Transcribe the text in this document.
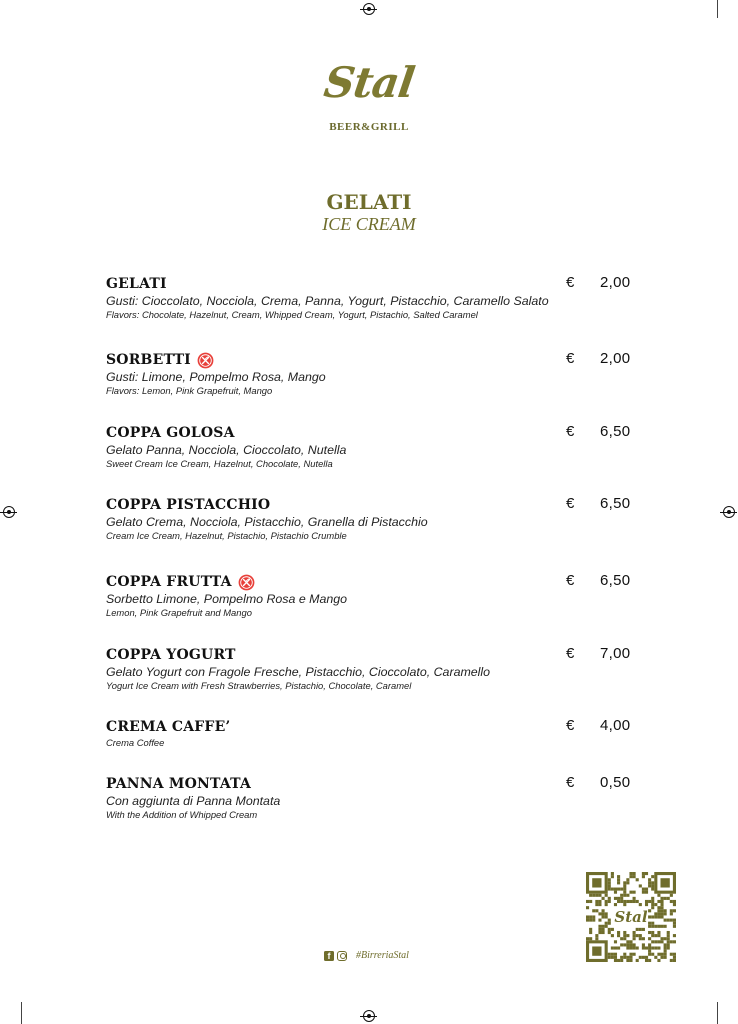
Stal
BEER&GRILL
GELATI
ICE CREAM
GELATI
Gusti: Cioccolato, Nocciola, Crema, Panna, Yogurt, Pistacchio, Caramello Salato
Flavors: Chocolate, Hazelnut, Cream, Whipped Cream, Yogurt, Pistachio, Salted Caramel
€ 2,00
SORBETTI
Gusti: Limone, Pompelmo Rosa, Mango
Flavors: Lemon, Pink Grapefruit, Mango
€ 2,00
COPPA GOLOSA
Gelato Panna, Nocciola, Cioccolato, Nutella
Sweet Cream Ice Cream, Hazelnut, Chocolate, Nutella
€ 6,50
COPPA PISTACCHIO
Gelato Crema, Nocciola, Pistacchio, Granella di Pistacchio
Cream Ice Cream, Hazelnut, Pistachio, Pistachio Crumble
€ 6,50
COPPA FRUTTA
Sorbetto Limone, Pompelmo Rosa e Mango
Lemon, Pink Grapefruit and Mango
€ 6,50
COPPA YOGURT
Gelato Yogurt con Fragole Fresche, Pistacchio, Cioccolato, Caramello
Yogurt Ice Cream with Fresh Strawberries, Pistachio, Chocolate, Caramel
€ 7,00
CREMA CAFFE’
Crema Coffee
€ 4,00
PANNA MONTATA
Con aggiunta di Panna Montata
With the Addition of Whipped Cream
€ 0,50
f	#BirreriaStal
Stal
